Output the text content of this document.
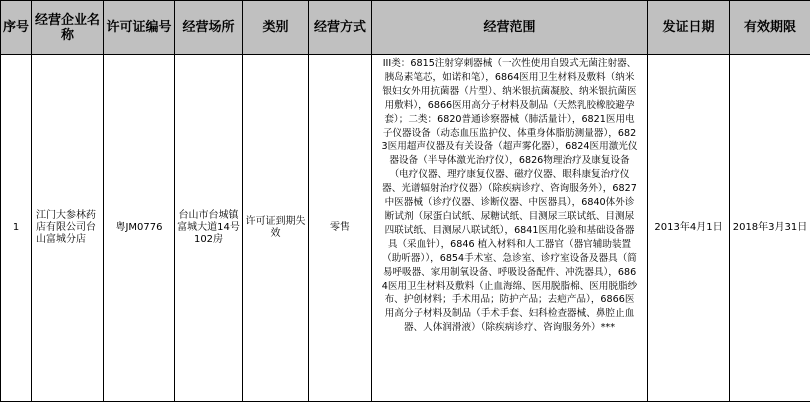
序号	经营企业名称	许可证编号	经营场所	类别	经营方式	经营范围	发证日期	有效期限
1	江门大参林药店有限公司台山富城分店	粤JM0776	台山市台城镇富城大道14号102房	许可证到期失效	零售	III类：6815注射穿刺器械（一次性使用自毁式无菌注射器、胰岛素笔芯，如诺和笔），6864医用卫生材料及敷料（纳米银妇女外用抗菌器（片型）、纳米银抗菌凝胶、纳米银抗菌医用敷料），6866医用高分子材料及制品（天然乳胶橡胶避孕套）；二类：6820普通诊察器械（肺活量计），6821医用电子仪器设备（动态血压监护仪、体重身体脂肪测量器），6823医用超声仪器及有关设备（超声雾化器），6824医用激光仪器设备（半导体激光治疗仪），6826物理治疗及康复设备（电疗仪器、理疗康复仪器、磁疗仪器、眼科康复治疗仪器、光谱辐射治疗仪器）（除疾病诊疗、咨询服务外），6827中医器械（诊疗仪器、诊断仪器、中医器具），6840体外诊断试剂（尿蛋白试纸、尿糖试纸、目测尿三联试纸、目测尿四联试纸、目测尿八联试纸），6841医用化验和基础设备器具（采血针），6846 植入材料和人工器官（器官辅助装置（助听器）），6854手术室、急诊室、诊疗室设备及器具（简易呼吸器、家用制氧设备、呼吸设备配件、冲洗器具），6864医用卫生材料及敷料（止血海绵、医用脱脂棉、医用脱脂纱布、护创材料；手术用品；防护产品；去疤产品），6866医用高分子材料及制品（手术手套、妇科检查器械、鼻腔止血器、人体润滑液）（除疾病诊疗、咨询服务外）***	2013年4月1日	2018年3月31日
